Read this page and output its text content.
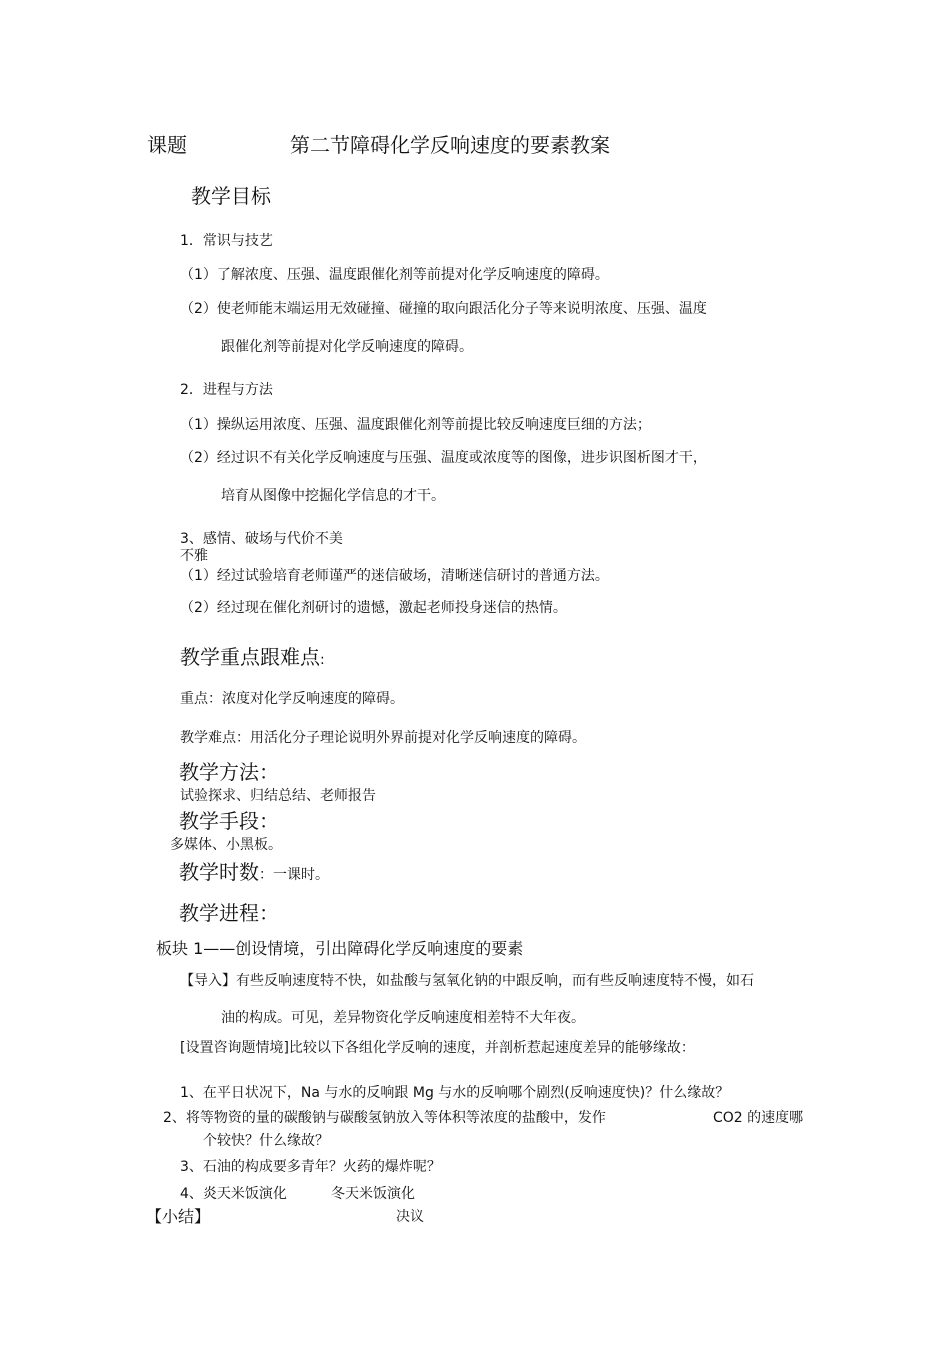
课题	第二节障碍化学反响速度的要素教案
教学目标
1．常识与技艺
（1）了解浓度、压强、温度跟催化剂等前提对化学反响速度的障碍。
（2）使老师能末端运用无效碰撞、碰撞的取向跟活化分子等来说明浓度、压强、温度
跟催化剂等前提对化学反响速度的障碍。
2．进程与方法
（1）操纵运用浓度、压强、温度跟催化剂等前提比较反响速度巨细的方法；
（2）经过识不有关化学反响速度与压强、温度或浓度等的图像，进步识图析图才干，
培育从图像中挖掘化学信息的才干。
3、感情、破场与代价不美
不雅
（1）经过试验培育老师谨严的迷信破场，清晰迷信研讨的普通方法。
（2）经过现在催化剂研讨的遗憾，激起老师投身迷信的热情。
教学重点跟难点:
重点：浓度对化学反响速度的障碍。
教学难点：用活化分子理论说明外界前提对化学反响速度的障碍。
教学方法：
试验探求、归结总结、老师报告
教学手段：
多媒体、小黑板。
教学时数：一课时。
教学进程：
板块 1——创设情境，引出障碍化学反响速度的要素
【导入】有些反响速度特不快，如盐酸与氢氧化钠的中跟反响，而有些反响速度特不慢，如石
油的构成。可见，差异物资化学反响速度相差特不大年夜。
[设置咨询题情境]比较以下各组化学反响的速度，并剖析惹起速度差异的能够缘故：
1、在平日状况下，Na 与水的反响跟 Mg 与水的反响哪个剧烈(反响速度快)？什么缘故？
2、将等物资的量的碳酸钠与碳酸氢钠放入等体积等浓度的盐酸中，发作	CO2 的速度哪
个较快？什么缘故？
3、石油的构成要多青年？火药的爆炸呢？
4、炎天米饭演化	冬天米饭演化
【小结】	决议
